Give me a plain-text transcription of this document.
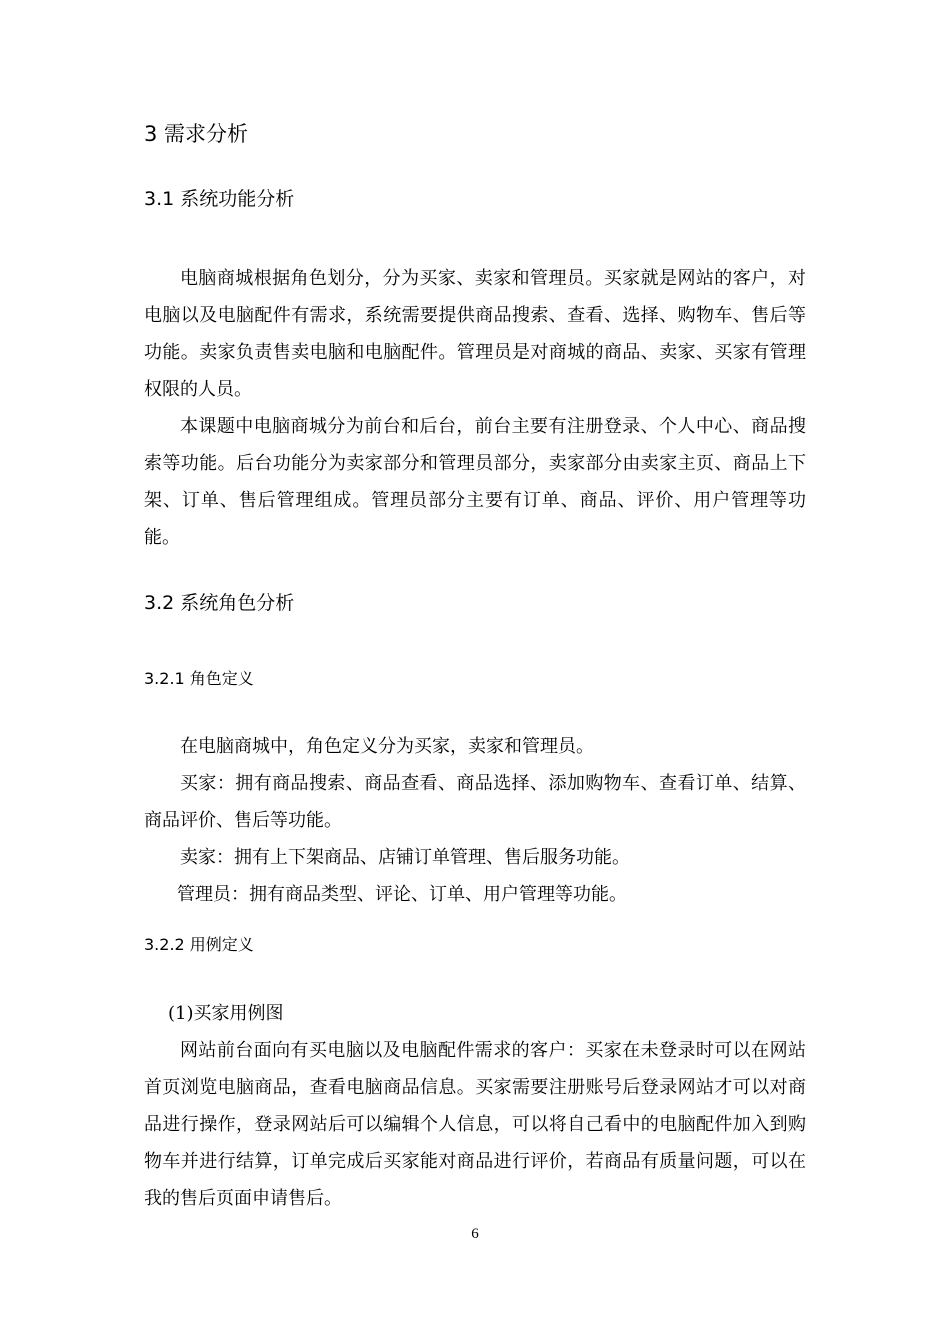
3 需求分析
3.1 系统功能分析
电脑商城根据角色划分，分为买家、卖家和管理员。买家就是网站的客户，对电脑以及电脑配件有需求，系统需要提供商品搜索、查看、选择、购物车、售后等功能。卖家负责售卖电脑和电脑配件。管理员是对商城的商品、卖家、买家有管理权限的人员。
本课题中电脑商城分为前台和后台，前台主要有注册登录、个人中心、商品搜索等功能。后台功能分为卖家部分和管理员部分，卖家部分由卖家主页、商品上下架、订单、售后管理组成。管理员部分主要有订单、商品、评价、用户管理等功能。
3.2 系统角色分析
3.2.1 角色定义
在电脑商城中，角色定义分为买家，卖家和管理员。
买家：拥有商品搜索、商品查看、商品选择、添加购物车、查看订单、结算、商品评价、售后等功能。
卖家：拥有上下架商品、店铺订单管理、售后服务功能。
管理员：拥有商品类型、评论、订单、用户管理等功能。
3.2.2 用例定义
(1)买家用例图
网站前台面向有买电脑以及电脑配件需求的客户：买家在未登录时可以在网站首页浏览电脑商品，查看电脑商品信息。买家需要注册账号后登录网站才可以对商品进行操作，登录网站后可以编辑个人信息，可以将自己看中的电脑配件加入到购物车并进行结算，订单完成后买家能对商品进行评价，若商品有质量问题，可以在我的售后页面申请售后。
6
